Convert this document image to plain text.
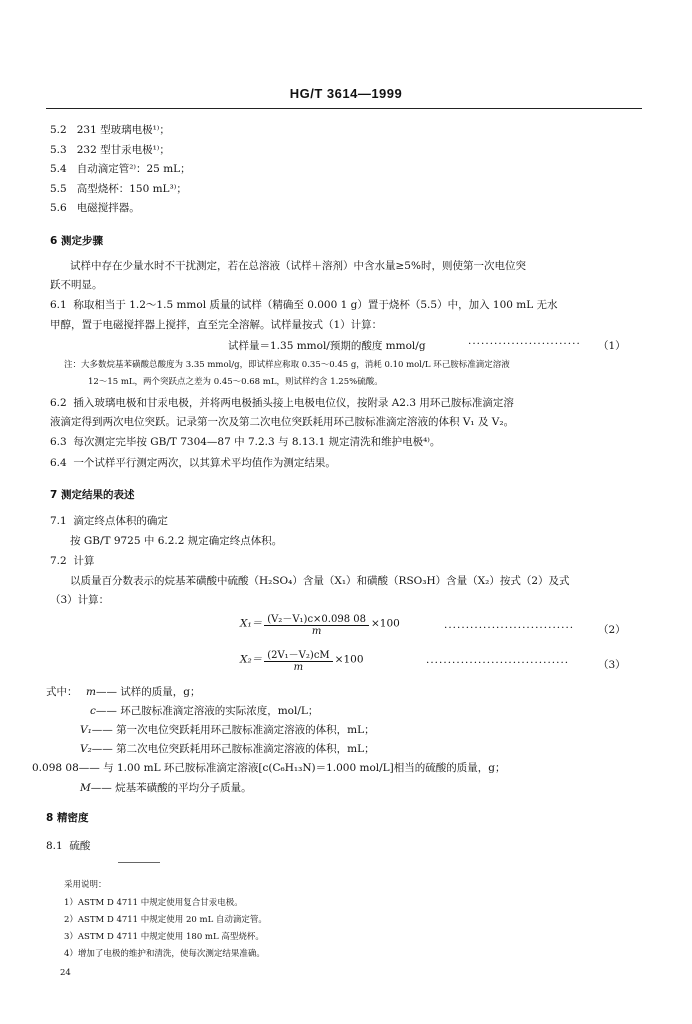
HG/T 3614—1999
5.2 231 型玻璃电极¹⁾；
5.3 232 型甘汞电极¹⁾；
5.4 自动滴定管²⁾：25 mL；
5.5 高型烧杯：150 mL³⁾；
5.6 电磁搅拌器。
6 测定步骤
试样中存在少量水时不干扰测定，若在总溶液（试样＋溶剂）中含水量≥5%时，则使第一次电位突
跃不明显。
6.1 称取相当于 1.2～1.5 mmol 质量的试样（精确至 0.000 1 g）置于烧杯（5.5）中，加入 100 mL 无水
甲醇，置于电磁搅拌器上搅拌，直至完全溶解。试样量按式（1）计算：
试样量＝1.35 mmol/预期的酸度 mmol/g	·························· （1）
注：大多数烷基苯磺酸总酸度为 3.35 mmol/g，即试样应称取 0.35～0.45 g，消耗 0.10 mol/L 环己胺标准滴定溶液
12～15 mL，两个突跃点之差为 0.45～0.68 mL，则试样约含 1.25%硫酸。
6.2 插入玻璃电极和甘汞电极，并将两电极插头接上电极电位仪，按附录 A2.3 用环己胺标准滴定溶
液滴定得到两次电位突跃。记录第一次及第二次电位突跃耗用环己胺标准滴定溶液的体积 V₁ 及 V₂。
6.3 每次测定完毕按 GB/T 7304—87 中 7.2.3 与 8.13.1 规定清洗和维护电极⁴⁾。
6.4 一个试样平行测定两次，以其算术平均值作为测定结果。
7 测定结果的表述
7.1 滴定终点体积的确定
按 GB/T 9725 中 6.2.2 规定确定终点体积。
7.2 计算
以质量百分数表示的烷基苯磺酸中硫酸（H₂SO₄）含量（X₁）和磺酸（RSO₃H）含量（X₂）按式（2）及式
（3）计算：
$X_1= \frac{\text{(V₂－V₁)c×0.098 08}}{m} \times 100$	······························ （2）
$X_2= \frac{\text{(2V₁－V₂)cM}}{m} \times 100$	·································	（3）
式中： m—— 试样的质量，g；
c—— 环己胺标准滴定溶液的实际浓度，mol/L；
V₁—— 第一次电位突跃耗用环己胺标准滴定溶液的体积，mL；
V₂—— 第二次电位突跃耗用环己胺标准滴定溶液的体积，mL；
0.098 08—— 与 1.00 mL 环己胺标准滴定溶液[c(C₆H₁₃N)＝1.000 mol/L]相当的硫酸的质量，g；
M—— 烷基苯磺酸的平均分子质量。
8 精密度
8.1 硫酸
采用说明：
1）ASTM D 4711 中规定使用复合甘汞电极。
2）ASTM D 4711 中规定使用 20 mL 自动滴定管。
3）ASTM D 4711 中规定使用 180 mL 高型烧杯。
4）增加了电极的维护和清洗，使每次测定结果准确。
24
